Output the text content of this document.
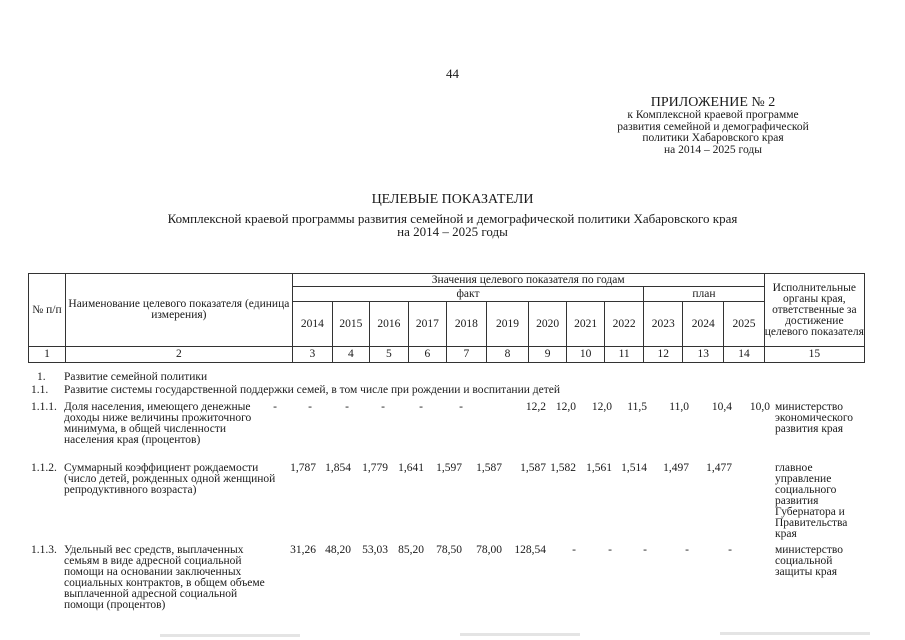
44
ПРИЛОЖЕНИЕ № 2
к Комплексной краевой программе
развития семейной и демографической
политики Хабаровского края
на 2014 – 2025 годы
ЦЕЛЕВЫЕ ПОКАЗАТЕЛИ
Комплексной краевой программы развития семейной и демографической политики Хабаровского края
на 2014 – 2025 годы
№ п/п	Наименование целевого показателя (единица измерения)	Значения целевого показателя по годам												Исполнительные органы края, ответственные за достижение целевого показателя
		факт									план			
		2014	2015	2016	2017	2018	2019	2020	2021	2022	2023	2024	2025	
1	2	3	4	5	6	7	8	9	10	11	12	13	14	15
1. Развитие семейной политики
1.1. Развитие системы государственной поддержки семей, в том числе при рождении и воспитании детей
1.1.1. Доля населения, имеющего денежные доходы ниже величины прожиточного минимума, в общей численности населения края (процентов)
-	-	-	-	-	-	12,2 12,0 12,0 11,5 11,0 10,4 10,0 министерство экономического развития края
1.1.2. Суммарный коэффициент рождаемости (число детей, рожденных одной женщиной репродуктивного возраста)
1,787 1,854 1,779 1,641 1,597 1,587 1,587 1,582 1,561 1,514 1,497 1,477	главное управление социального развития Губернатора и Правительства края
1.1.3. Удельный вес средств, выплаченных семьям в виде адресной социальной помощи на основании заключенных социальных контрактов, в общем объеме выплаченной адресной социальной помощи (процентов)
31,26 48,20 53,03 85,20 78,50 78,00 128,54 -	-	-	-	-	министерство социальной защиты края
